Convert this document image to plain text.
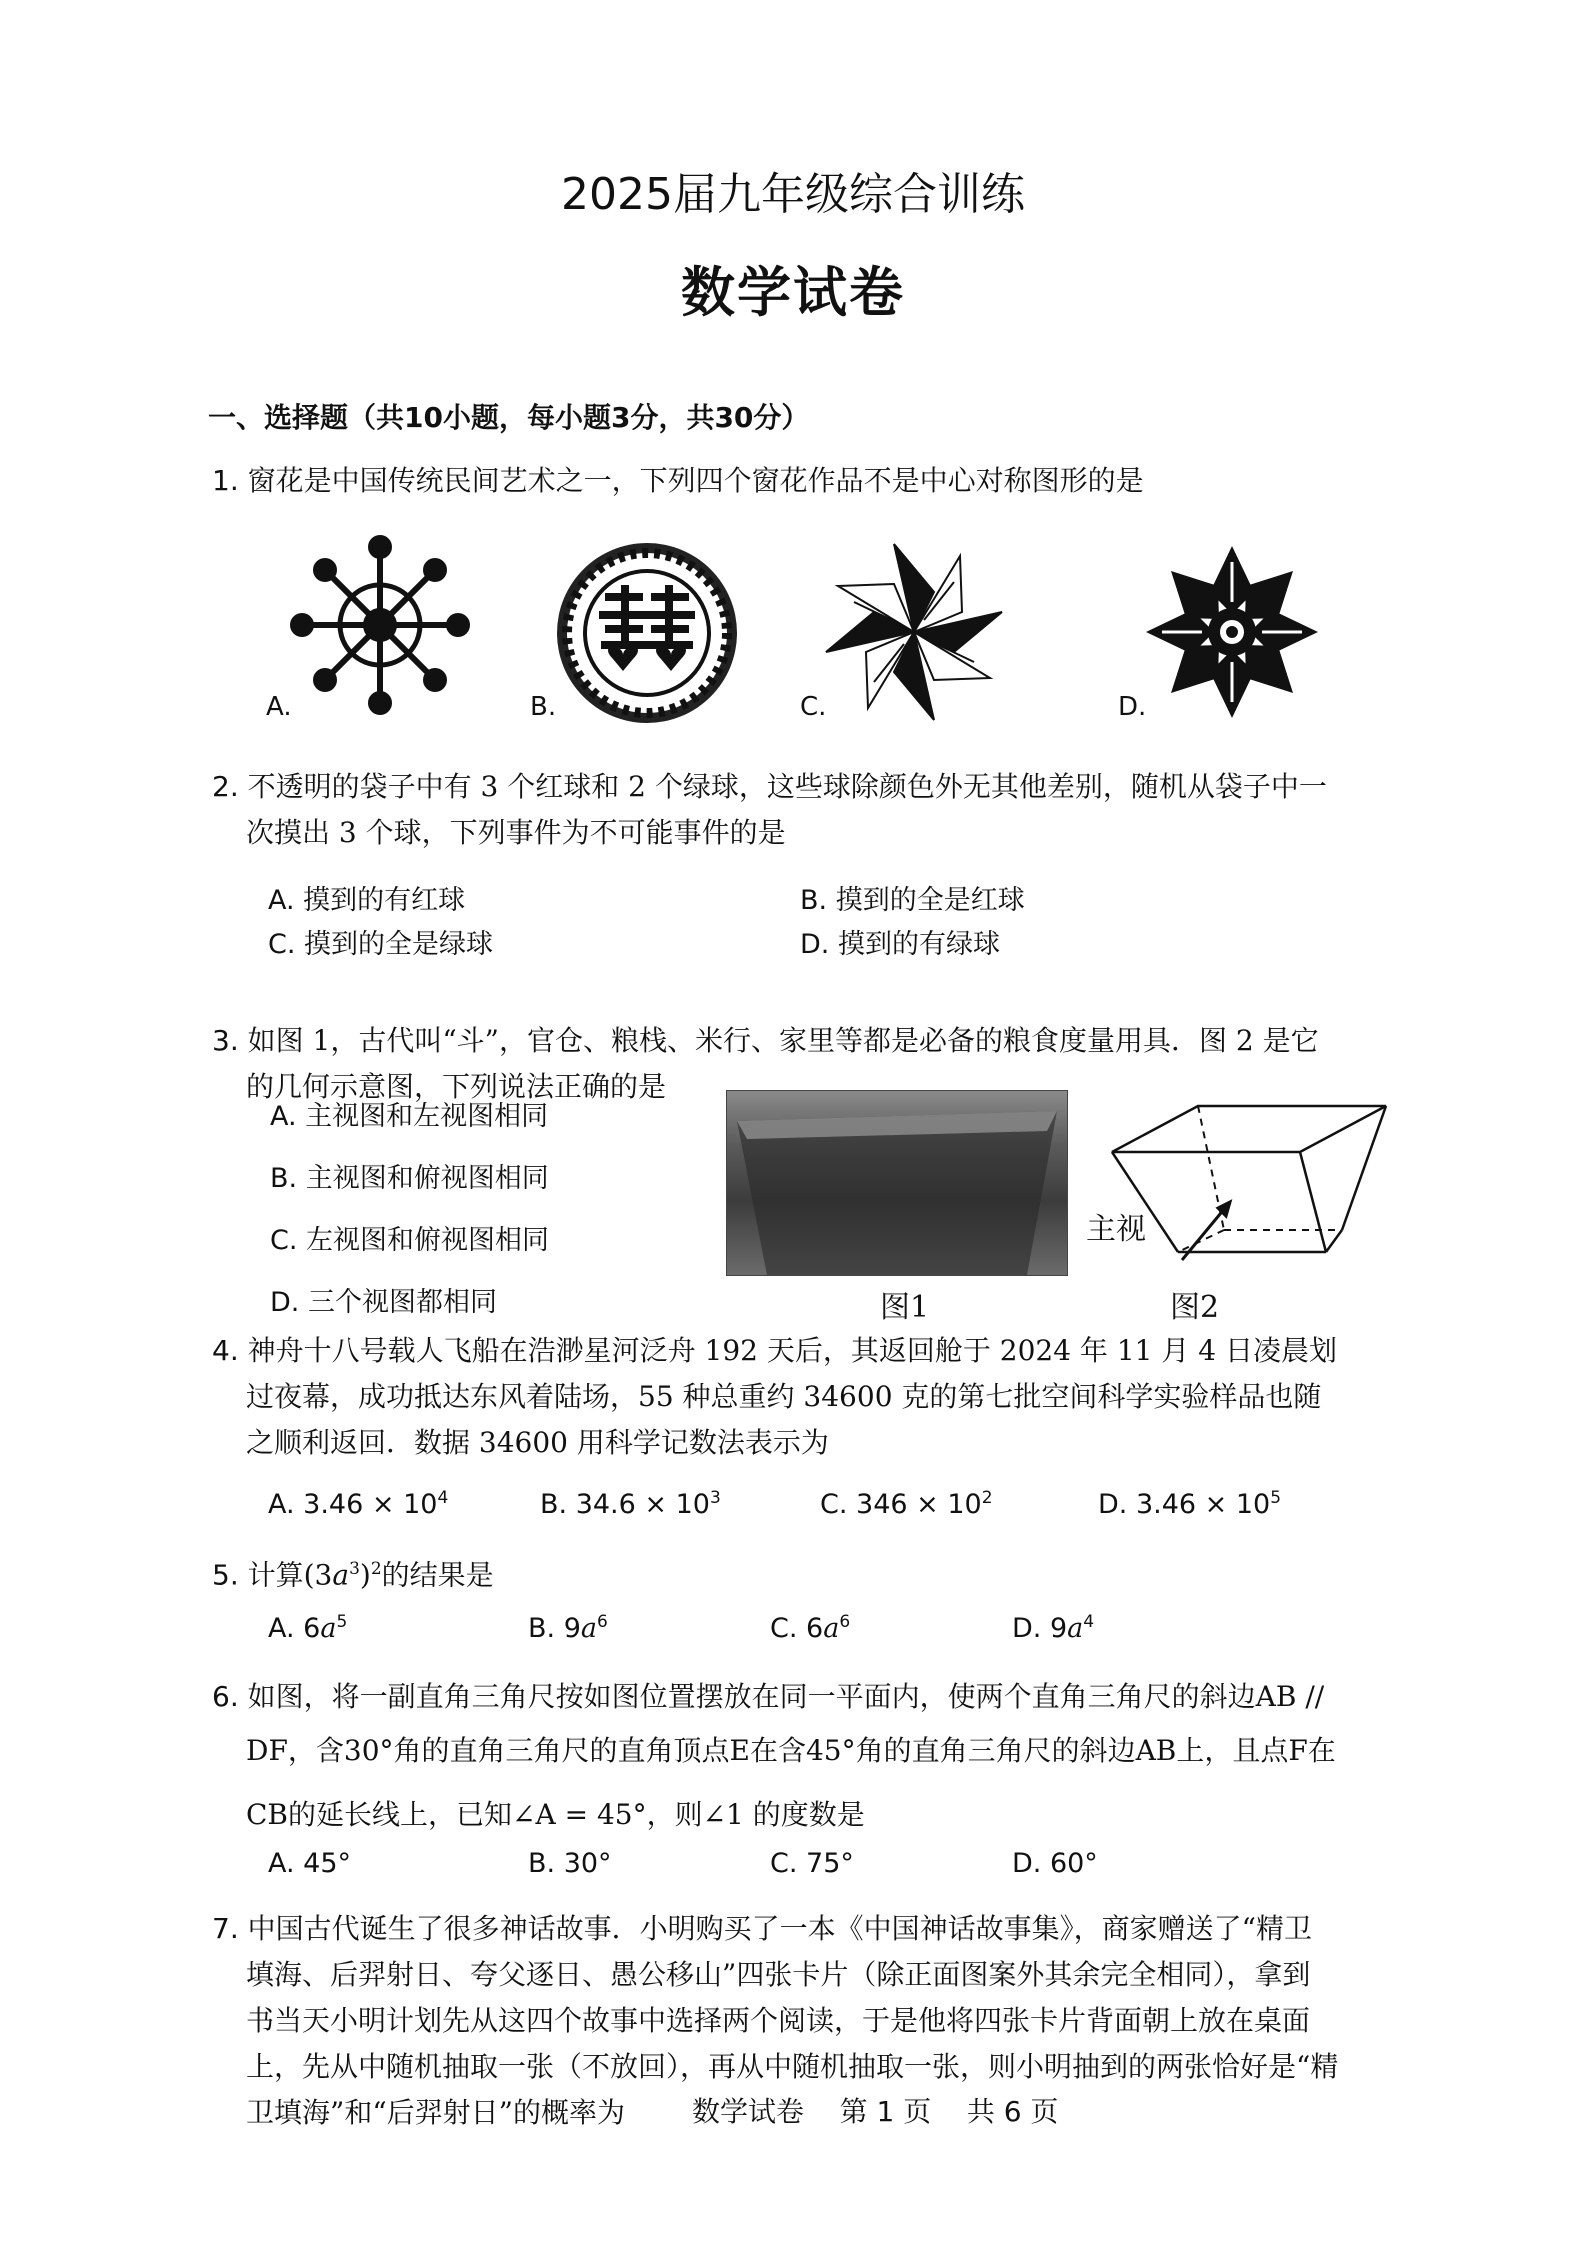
2025届九年级综合训练
数学试卷
一、选择题（共10小题，每小题3分，共30分）
1. 窗花是中国传统民间艺术之一，下列四个窗花作品不是中心对称图形的是
A.	B.	C.	D.
2. 不透明的袋子中有 3 个红球和 2 个绿球，这些球除颜色外无其他差别，随机从袋子中一
次摸出 3 个球，下列事件为不可能事件的是
A. 摸到的有红球	B. 摸到的全是红球
C. 摸到的全是绿球	D. 摸到的有绿球
3. 如图 1，古代叫“斗”，官仓、粮栈、米行、家里等都是必备的粮食度量用具．图 2 是它
的几何示意图，下列说法正确的是
A. 主视图和左视图相同
B. 主视图和俯视图相同
C. 左视图和俯视图相同
D. 三个视图都相同	图1
主视
图2
4. 神舟十八号载人飞船在浩渺星河泛舟 192 天后，其返回舱于 2024 年 11 月 4 日凌晨划
过夜幕，成功抵达东风着陆场，55 种总重约 34600 克的第七批空间科学实验样品也随
之顺利返回．数据 34600 用科学记数法表示为
A. $3.46 \times 10^4$	B. $34.6 \times 10^3$	C. $346 \times 10^2$	D. $3.46 \times 10^5$
5. 计算$(3a^3)^2$的结果是
A. $6a^5$	B. $9a^6$	C. $6a^6$	D. $9a^4$
6. 如图，将一副直角三角尺按如图位置摆放在同一平面内，使两个直角三角尺的斜边AB //
DF，含30°角的直角三角尺的直角顶点E在含45°角的直角三角尺的斜边AB上，且点F在
CB的延长线上，已知∠A = 45°，则∠1 的度数是
A. 45°	B. 30°	C. 75°	D. 60°
7. 中国古代诞生了很多神话故事．小明购买了一本《中国神话故事集》，商家赠送了“精卫
填海、后羿射日、夸父逐日、愚公移山”四张卡片（除正面图案外其余完全相同），拿到
书当天小明计划先从这四个故事中选择两个阅读，于是他将四张卡片背面朝上放在桌面
上，先从中随机抽取一张（不放回），再从中随机抽取一张，则小明抽到的两张恰好是“精
卫填海”和“后羿射日”的概率为	数学试卷    第 1 页    共 6 页
